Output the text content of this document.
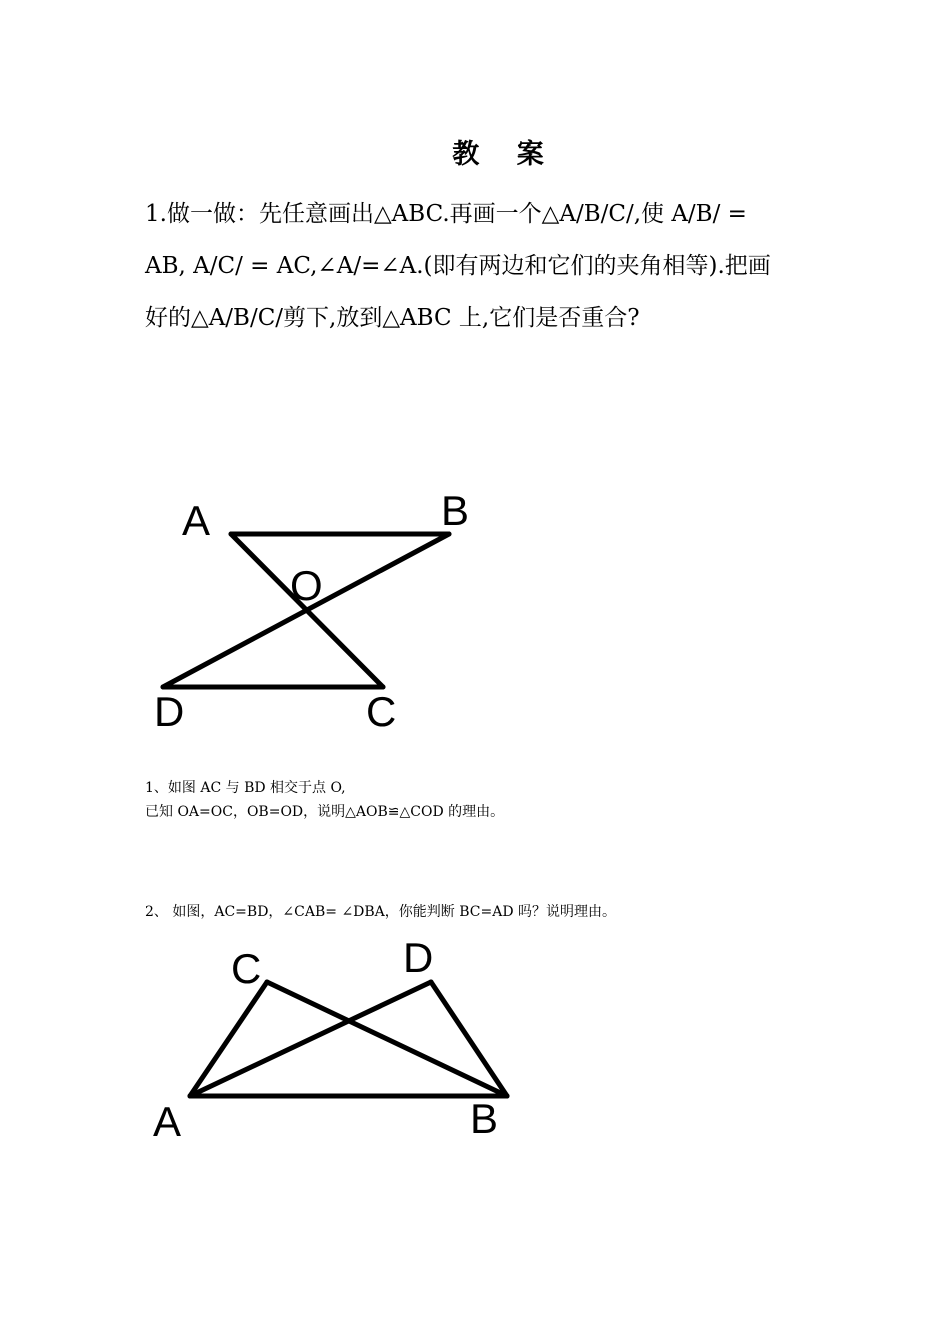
教 案
1.做一做：先任意画出△ABC.再画一个△A/B/C/,使 A/B/ =
AB, A/C/ = AC,∠A/=∠A.(即有两边和它们的夹角相等).把画
好的△A/B/C/剪下,放到△ABC 上,它们是否重合?
A	B
O
D	C
C	D
A	B
1、如图 AC 与 BD 相交于点 O,
已知 OA=OC，OB=OD，说明△AOB≌△COD 的理由。
2、 如图，AC=BD，∠CAB= ∠DBA，你能判断 BC=AD 吗？说明理由。
